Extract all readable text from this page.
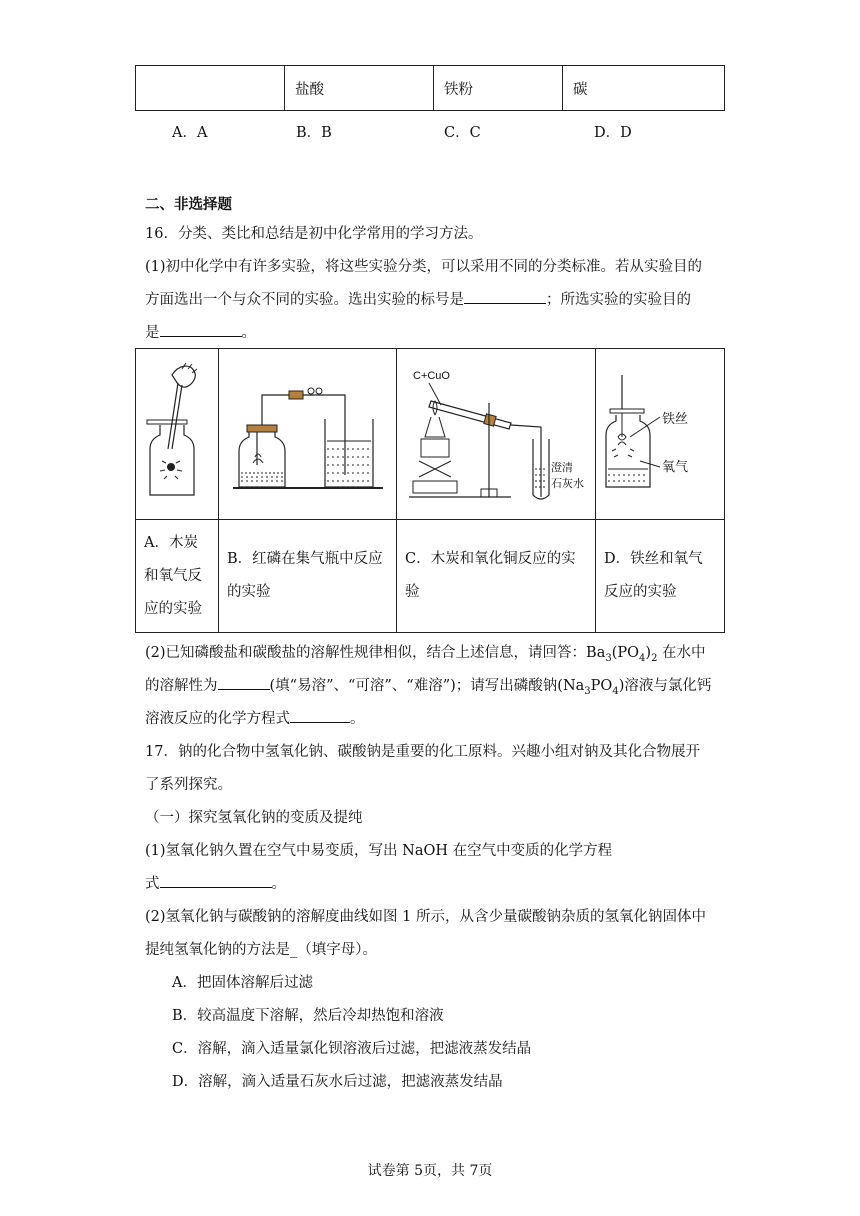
	盐酸	铁粉	碳
A．A	B．B	C．C	D．D
二、非选择题
16．分类、类比和总结是初中化学常用的学习方法。
(1)初中化学中有许多实验，将这些实验分类，可以采用不同的分类标准。若从实验目的
方面选出一个与众不同的实验。选出实验的标号是	；所选实验的实验目的
是	。

C+CuO
澄清
石灰水	铁丝
氧气

A．木炭和氧气反应的实验	B．红磷在集气瓶中反应的实验	C．木炭和氧化铜反应的实验	D．铁丝和氧气反应的实验
(2)已知磷酸盐和碳酸盐的溶解性规律相似，结合上述信息，请回答：$Ba_3(PO_4)_2$ 在水中
的溶解性为	(填“易溶”、“可溶”、“难溶”)；请写出磷酸钠$(Na_3PO_4)$溶液与氯化钙
溶液反应的化学方程式	。
17．钠的化合物中氢氧化钠、碳酸钠是重要的化工原料。兴趣小组对钠及其化合物展开
了系列探究。
（一）探究氢氧化钠的变质及提纯
(1)氢氧化钠久置在空气中易变质，写出 NaOH 在空气中变质的化学方程
式	。
(2)氢氧化钠与碳酸钠的溶解度曲线如图 1 所示，从含少量碳酸钠杂质的氢氧化钠固体中
提纯氢氧化钠的方法是_（填字母）。
A．把固体溶解后过滤
B．较高温度下溶解，然后冷却热饱和溶液
C．溶解，滴入适量氯化钡溶液后过滤，把滤液蒸发结晶
D．溶解，滴入适量石灰水后过滤，把滤液蒸发结晶
试卷第 5页，共 7页
